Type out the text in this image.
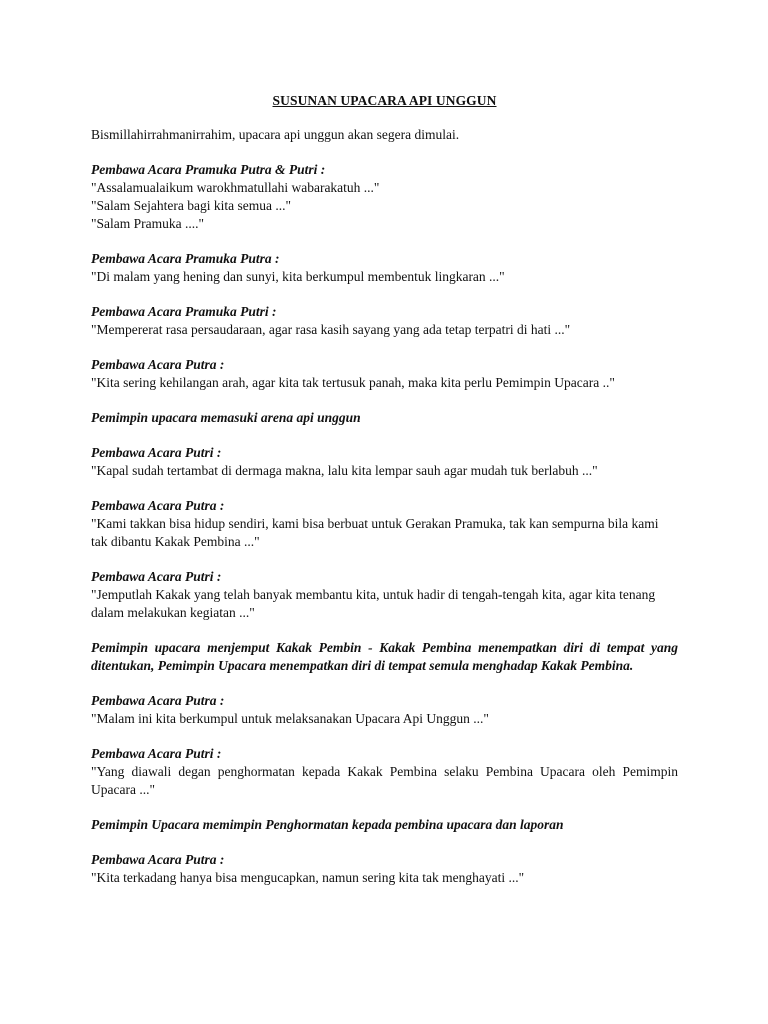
SUSUNAN UPACARA API UNGGUN
Bismillahirrahmanirrahim, upacara api unggun akan segera dimulai.
Pembawa Acara Pramuka Putra & Putri :
"Assalamualaikum warokhmatullahi wabarakatuh ..."
"Salam Sejahtera bagi kita semua ..."
"Salam Pramuka ...."
Pembawa Acara Pramuka Putra :
"Di malam yang hening dan sunyi, kita berkumpul membentuk lingkaran ..."
Pembawa Acara Pramuka Putri :
"Mempererat rasa persaudaraan, agar rasa kasih sayang yang ada tetap terpatri di hati ..."
Pembawa Acara Putra :
"Kita sering kehilangan arah, agar kita tak tertusuk panah, maka kita perlu Pemimpin Upacara .."
Pemimpin upacara memasuki arena api unggun
Pembawa Acara Putri :
"Kapal sudah tertambat di dermaga makna, lalu kita lempar sauh agar mudah tuk berlabuh ..."
Pembawa Acara Putra :
"Kami takkan bisa hidup sendiri, kami bisa berbuat untuk Gerakan Pramuka, tak kan sempurna bila kami tak dibantu Kakak Pembina ..."
Pembawa Acara Putri :
"Jemputlah Kakak yang telah banyak membantu kita, untuk hadir di tengah-tengah kita, agar kita tenang dalam melakukan kegiatan ..."
Pemimpin upacara menjemput Kakak Pembin - Kakak Pembina menempatkan diri di tempat yang ditentukan, Pemimpin Upacara menempatkan diri di tempat semula menghadap Kakak Pembina.
Pembawa Acara Putra :
"Malam ini kita berkumpul untuk melaksanakan Upacara Api Unggun ..."
Pembawa Acara Putri :
"Yang diawali degan penghormatan kepada Kakak Pembina selaku Pembina Upacara oleh Pemimpin Upacara ..."
Pemimpin Upacara memimpin Penghormatan kepada pembina upacara dan laporan
Pembawa Acara Putra :
"Kita terkadang hanya bisa mengucapkan, namun sering kita tak menghayati ..."
